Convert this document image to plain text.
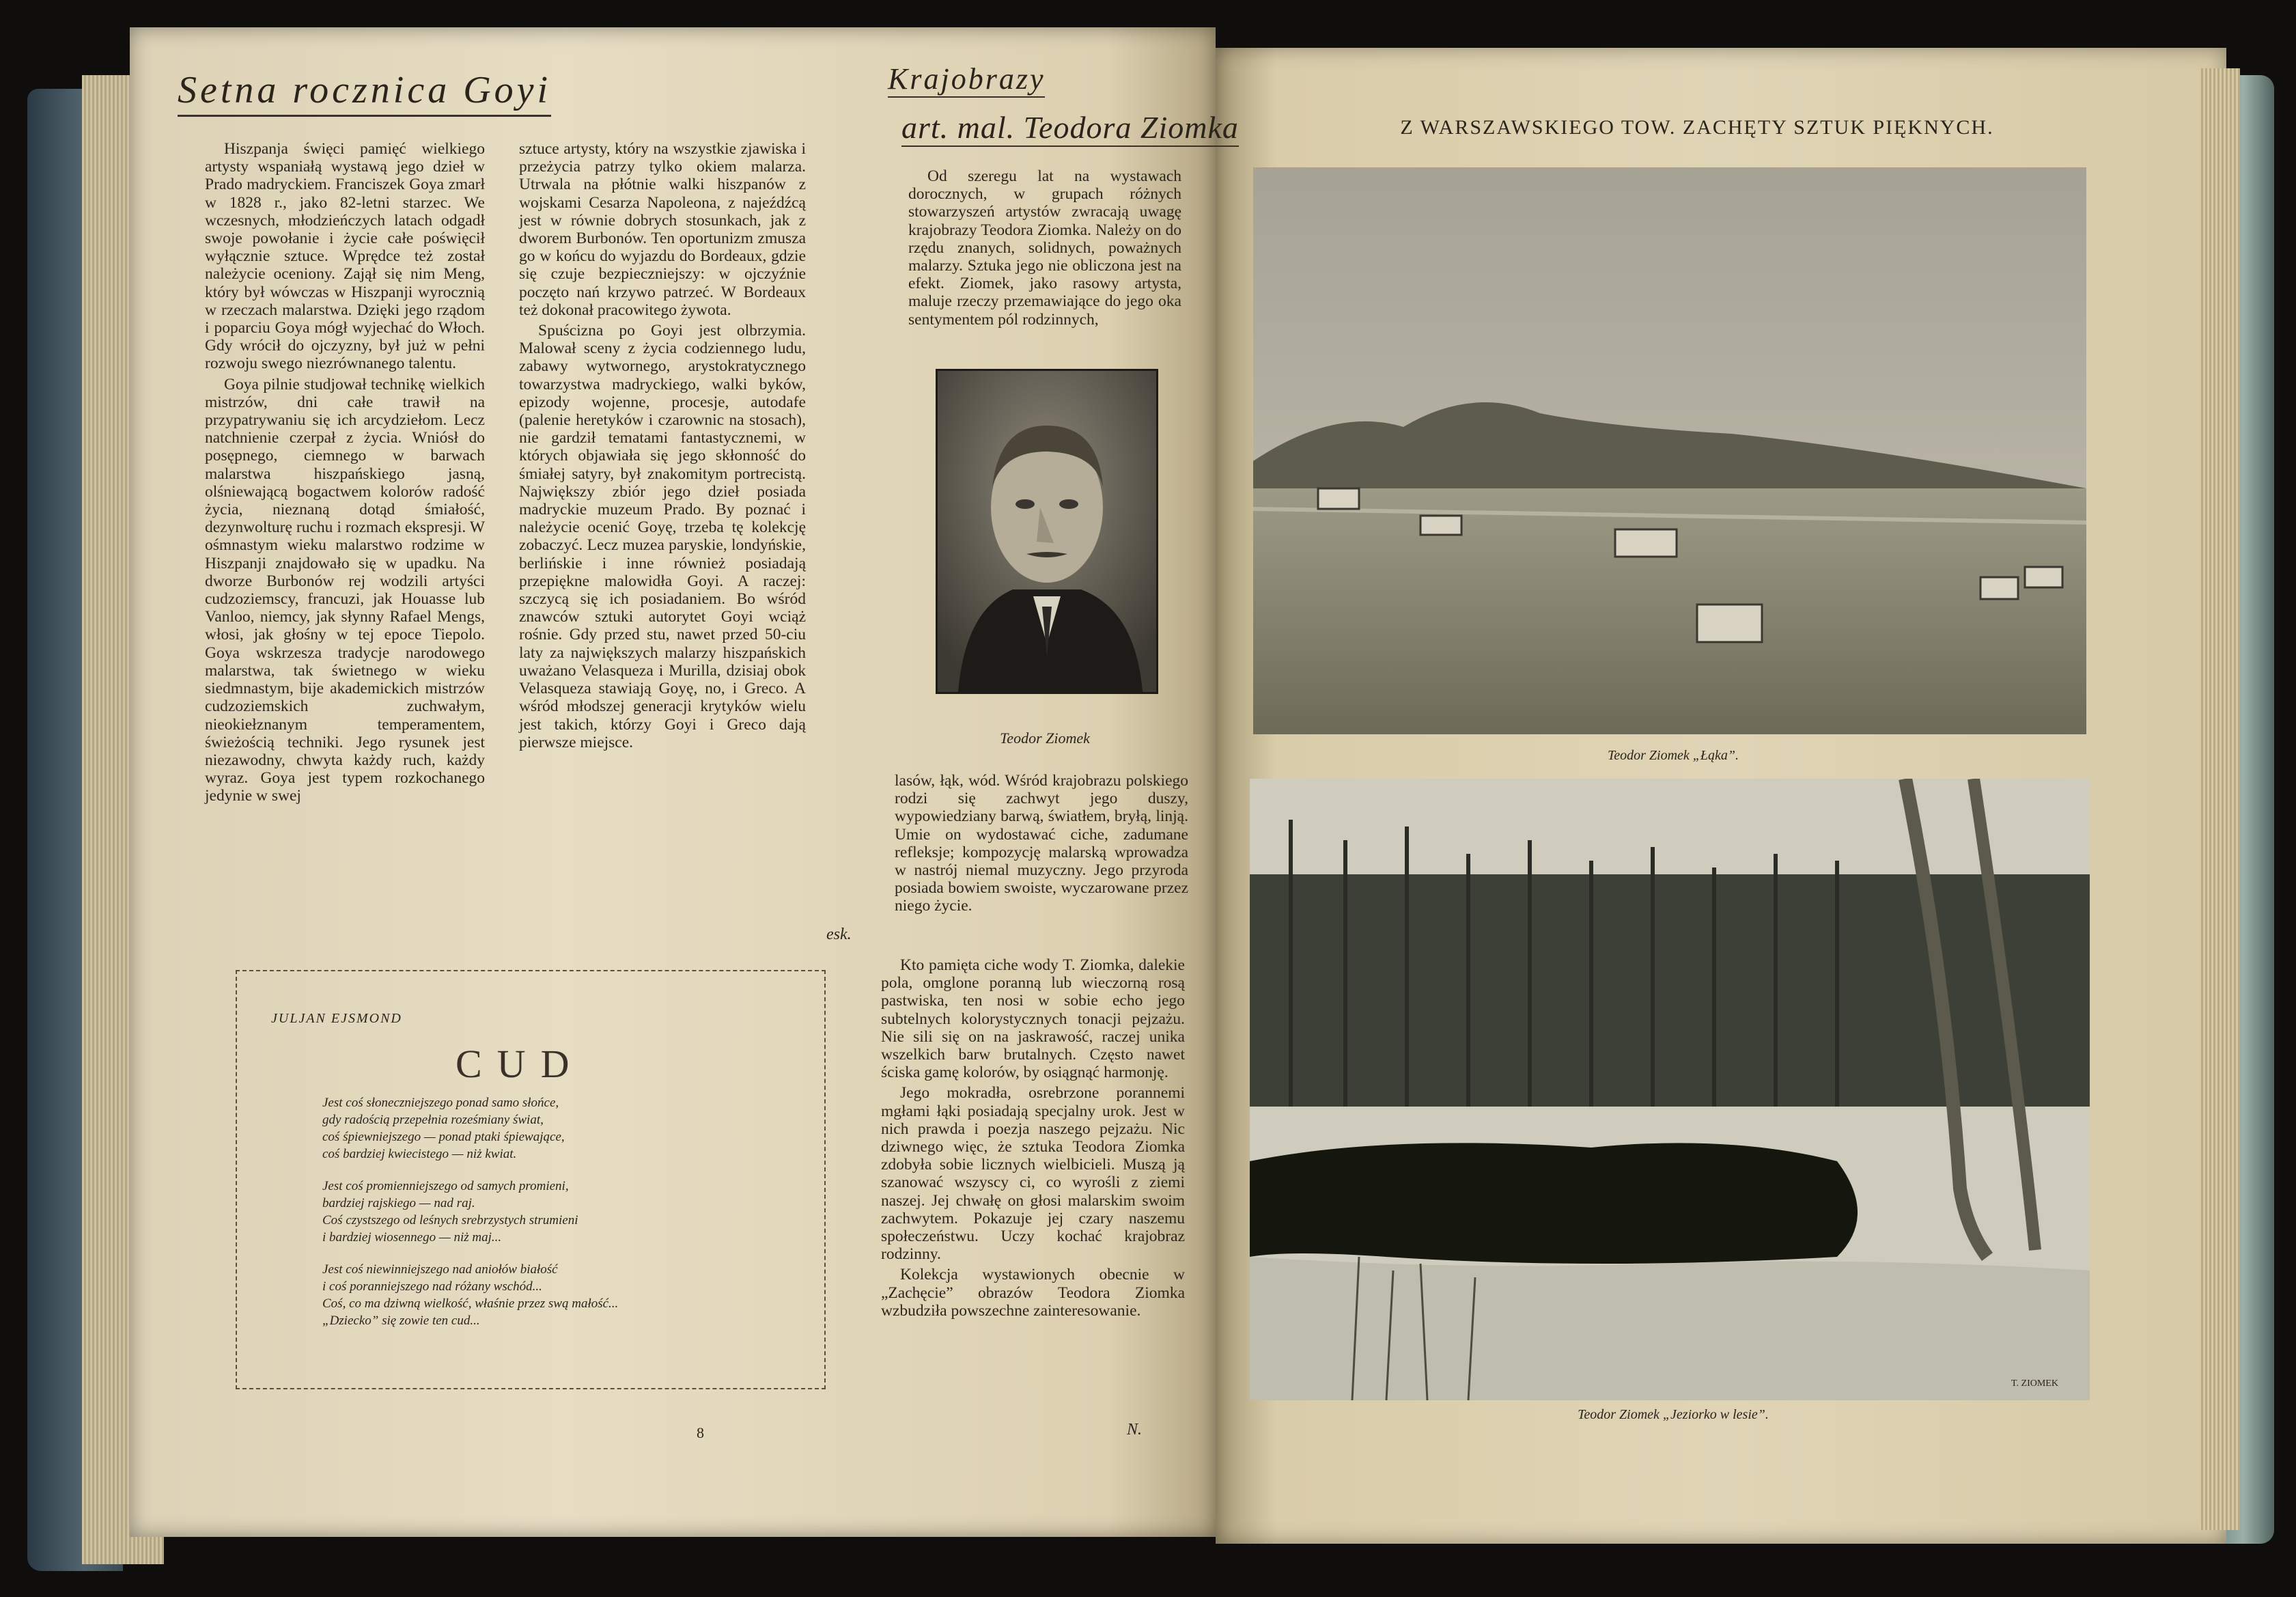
Setna rocznica Goyi

Hiszpanja święci pamięć wielkiego artysty wspaniałą wystawą jego dzieł w Prado madryckiem. Franciszek Goya zmarł w 1828 r., jako 82-letni starzec. We wczesnych, młodzieńczych latach odgadł swoje powołanie i życie całe poświęcił wyłącznie sztuce. Wprędce też został należycie oceniony. Zajął się nim Meng, który był wówczas w Hiszpanji wyrocznią w rzeczach malarstwa. Dzięki jego rządom i poparciu Goya mógł wyjechać do Włoch. Gdy wrócił do ojczyzny, był już w pełni rozwoju swego niezrównanego talentu.

Goya pilnie studjował technikę wielkich mistrzów, dni całe trawił na przypatrywaniu się ich arcydziełom. Lecz natchnienie czerpał z życia. Wniósł do posępnego, ciemnego w barwach malarstwa hiszpańskiego jasną, olśniewającą bogactwem kolorów radość życia, nieznaną dotąd śmiałość, dezynwolturę ruchu i rozmach ekspresji. W ośmnastym wieku malarstwo rodzime w Hiszpanji znajdowało się w upadku. Na dworze Burbonów rej wodzili artyści cudzoziemscy, francuzi, jak Houasse lub Vanloo, niemcy, jak słynny Rafael Mengs, włosi, jak głośny w tej epoce Tiepolo. Goya wskrzesza tradycje narodowego malarstwa, tak świetnego w wieku siedmnastym, bije akademickich mistrzów cudzoziemskich zuchwałym, nieokiełznanym temperamentem, świeżością techniki. Jego rysunek jest niezawodny, chwyta każdy ruch, każdy wyraz. Goya jest typem rozkochanego jedynie w swej

sztuce artysty, który na wszystkie zjawiska i przeżycia patrzy tylko okiem malarza. Utrwala na płótnie walki hiszpanów z wojskami Cesarza Napoleona, z najeźdźcą jest w równie dobrych stosunkach, jak z dworem Burbonów. Ten oportunizm zmusza go w końcu do wyjazdu do Bordeaux, gdzie się czuje bezpieczniejszy: w ojczyźnie poczęto nań krzywo patrzeć. W Bordeaux też dokonał pracowitego żywota.

Spuścizna po Goyi jest olbrzymia. Malował sceny z życia codziennego ludu, zabawy wytwornego, arystokratycznego towarzystwa madryckiego, walki byków, epizody wojenne, procesje, autodafe (palenie heretyków i czarownic na stosach), nie gardził tematami fantastycznemi, w których objawiała się jego skłonność do śmiałej satyry, był znakomitym portrecistą. Największy zbiór jego dzieł posiada madryckie muzeum Prado. By poznać i należycie ocenić Goyę, trzeba tę kolekcję zobaczyć. Lecz muzea paryskie, londyńskie, berlińskie i inne również posiadają przepiękne malowidła Goyi. A raczej: szczycą się ich posiadaniem. Bo wśród znawców sztuki autorytet Goyi wciąż rośnie. Gdy przed stu, nawet przed 50-ciu laty za największych malarzy hiszpańskich uważano Velasqueza i Murilla, dzisiaj obok Velasqueza stawiają Goyę, no, i Greco. A wśród młodszej generacji krytyków wielu jest takich, którzy Goyi i Greco dają pierwsze miejsce.

esk.
Krajobrazy
art. mal. Teodora Ziomka

Od szeregu lat na wystawach dorocznych, w grupach różnych stowarzyszeń artystów zwracają uwagę krajobrazy Teodora Ziomka. Należy on do rzędu znanych, solidnych, poważnych malarzy. Sztuka jego nie obliczona jest na efekt. Ziomek, jako rasowy artysta, maluje rzeczy przemawiające do jego oka sentymentem pól rodzinnych,

Teodor Ziomek

lasów, łąk, wód. Wśród krajobrazu polskiego rodzi się zachwyt jego duszy, wypowiedziany barwą, światłem, bryłą, linją. Umie on wydostawać ciche, zadumane refleksje; kompozycję malarską wprowadza w nastrój niemal muzyczny. Jego przyroda posiada bowiem swoiste, wyczarowane przez niego życie.

Kto pamięta ciche wody T. Ziomka, dalekie pola, omglone poranną lub wieczorną rosą pastwiska, ten nosi w sobie echo jego subtelnych kolorystycznych tonacji pejzażu. Nie sili się on na jaskrawość, raczej unika wszelkich barw brutalnych. Często nawet ściska gamę kolorów, by osiągnąć harmonję.

Jego mokradła, osrebrzone porannemi mgłami łąki posiadają specjalny urok. Jest w nich prawda i poezja naszego pejzażu. Nic dziwnego więc, że sztuka Teodora Ziomka zdobyła sobie licznych wielbicieli. Muszą ją szanować wszyscy ci, co wyrośli z ziemi naszej. Jej chwałę on głosi malarskim swoim zachwytem. Pokazuje jej czary naszemu społeczeństwu. Uczy kochać krajobraz rodzinny.

Kolekcja wystawionych obecnie w „Zachęcie” obrazów Teodora Ziomka wzbudziła powszechne zainteresowanie.

N.
JULJAN EJSMOND
CUD
Jest coś słoneczniejszego ponad samo słońce,
gdy radością przepełnia roześmiany świat,
coś śpiewniejszego — ponad ptaki śpiewające,
coś bardziej kwiecistego — niż kwiat.
Jest coś promienniejszego od samych promieni,
bardziej rajskiego — nad raj.
Coś czystszego od leśnych srebrzystych strumieni
i bardziej wiosennego — niż maj...
Jest coś niewinniejszego nad aniołów białość
i coś poranniejszego nad różany wschód...
Coś, co ma dziwną wielkość, właśnie przez swą małość...
„Dziecko” się zowie ten cud...
8
Z WARSZAWSKIEGO TOW. ZACHĘTY SZTUK PIĘKNYCH.
Teodor Ziomek „Łąka”.
Teodor Ziomek „Jeziorko w lesie”.
T. ZIOMEK
